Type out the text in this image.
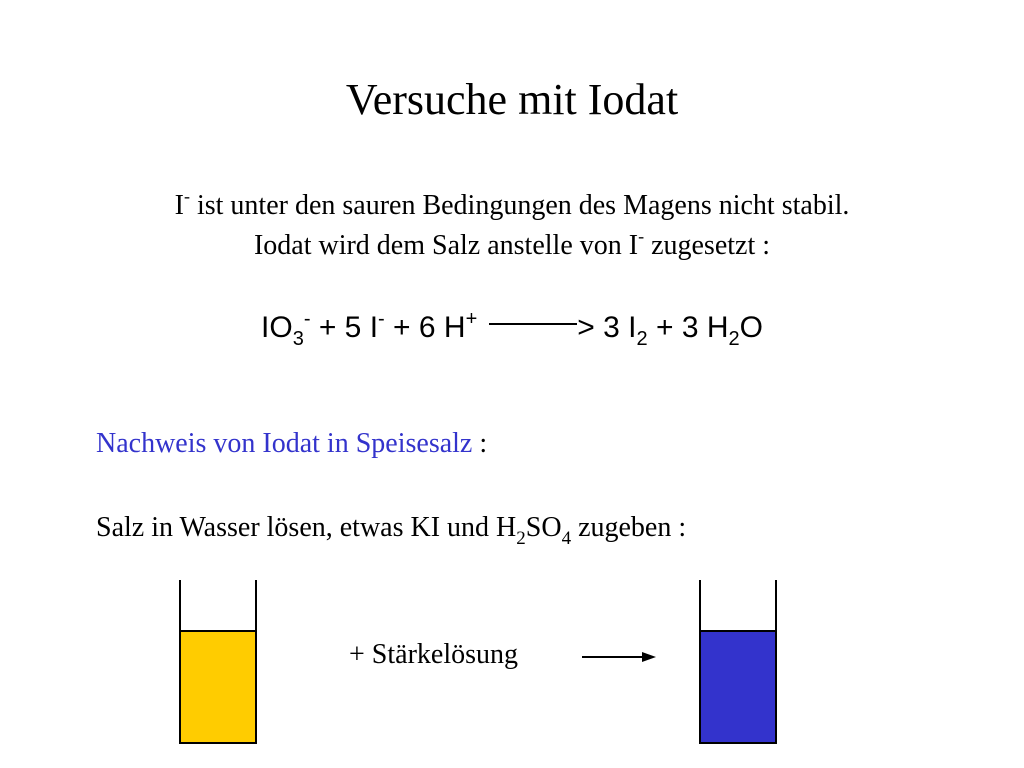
Versuche mit Iodat
I- ist unter den sauren Bedingungen des Magens nicht stabil.
Iodat wird dem Salz anstelle von I- zugesetzt :
$IO_3^- + 5$ I- + 6 H+	> 3 $I_2 + 3$ $H_2O$
Nachweis von Iodat in Speisesalz :
Salz in Wasser lösen, etwas KI und $H_2SO_4$ zugeben :
+ Stärkelösung
